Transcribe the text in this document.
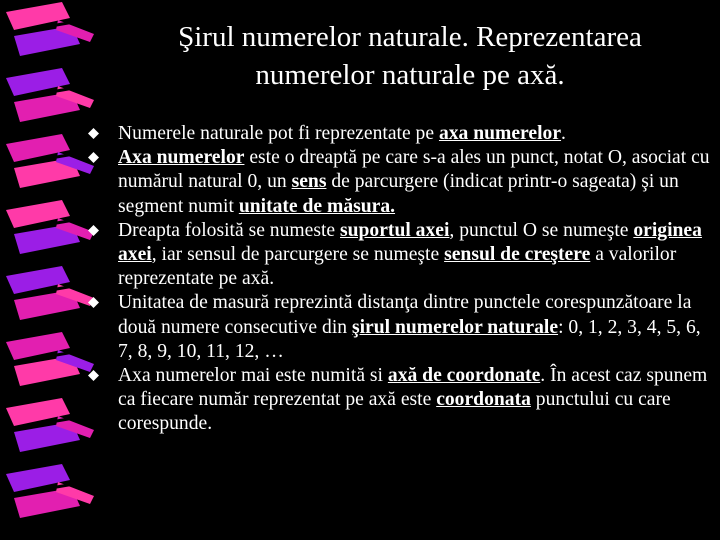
Şirul numerelor naturale. Reprezentarea
numerelor naturale pe axă.
Numerele naturale pot fi reprezentate pe axa numerelor.
Axa numerelor este o dreaptă pe care s-a ales un punct, notat O, asociat cu numărul natural 0, un sens de parcurgere (indicat printr-o sageata) şi un segment numit unitate de măsura.
Dreapta folosită se numeste suportul axei, punctul O se numeşte originea axei, iar sensul de parcurgere se numeşte sensul de creştere a valorilor reprezentate pe axă.
Unitatea de masură reprezintă distanţa dintre punctele corespunzătoare la două numere consecutive din şirul numerelor naturale: 0, 1, 2, 3, 4, 5, 6, 7, 8, 9, 10, 11, 12, …
Axa numerelor mai este numită si axă de coordonate. În acest caz spunem ca fiecare număr reprezentat pe axă este coordonata punctului cu care corespunde.
